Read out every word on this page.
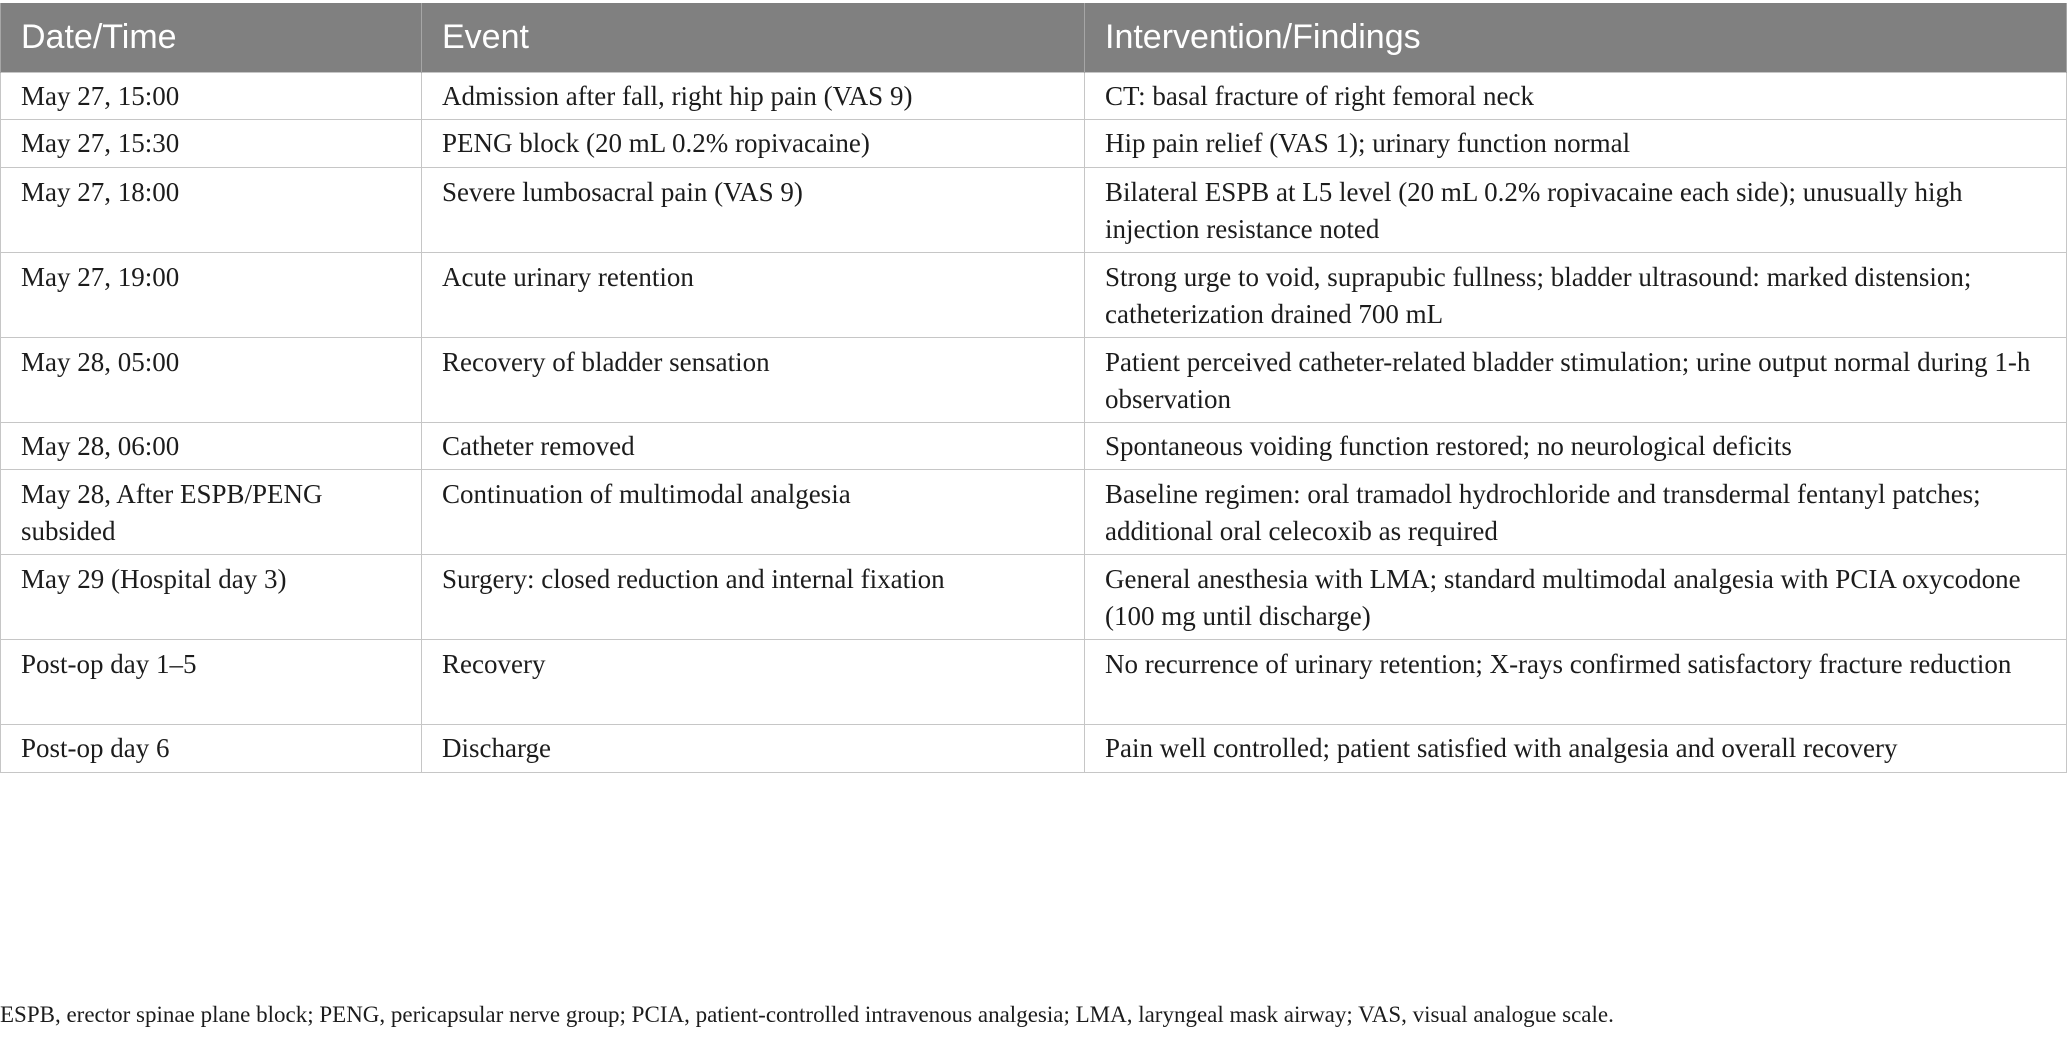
Date/Time	Event	Intervention/Findings

May 27, 15:00	Admission after fall, right hip pain (VAS 9)	CT: basal fracture of right femoral neck

May 27, 15:30	PENG block (20 mL 0.2% ropivacaine)	Hip pain relief (VAS 1); urinary function normal

May 27, 18:00	Severe lumbosacral pain (VAS 9)	Bilateral ESPB at L5 level (20 mL 0.2% ropivacaine each side); unusually high injection resistance noted

May 27, 19:00	Acute urinary retention	Strong urge to void, suprapubic fullness; bladder ultrasound: marked distension; catheterization drained 700 mL

May 28, 05:00	Recovery of bladder sensation	Patient perceived catheter-related bladder stimulation; urine output normal during 1-h observation

May 28, 06:00	Catheter removed	Spontaneous voiding function restored; no neurological deficits

May 28, After ESPB/PENG subsided	Continuation of multimodal analgesia	Baseline regimen: oral tramadol hydrochloride and transdermal fentanyl patches; additional oral celecoxib as required

May 29 (Hospital day 3)	Surgery: closed reduction and internal fixation	General anesthesia with LMA; standard multimodal analgesia with PCIA oxycodone (100 mg until discharge)

Post-op day 1–5	Recovery	No recurrence of urinary retention; X-rays confirmed satisfactory fracture reduction

Post-op day 6	Discharge	Pain well controlled; patient satisfied with analgesia and overall recovery
ESPB, erector spinae plane block; PENG, pericapsular nerve group; PCIA, patient-controlled intravenous analgesia; LMA, laryngeal mask airway; VAS, visual analogue scale.
